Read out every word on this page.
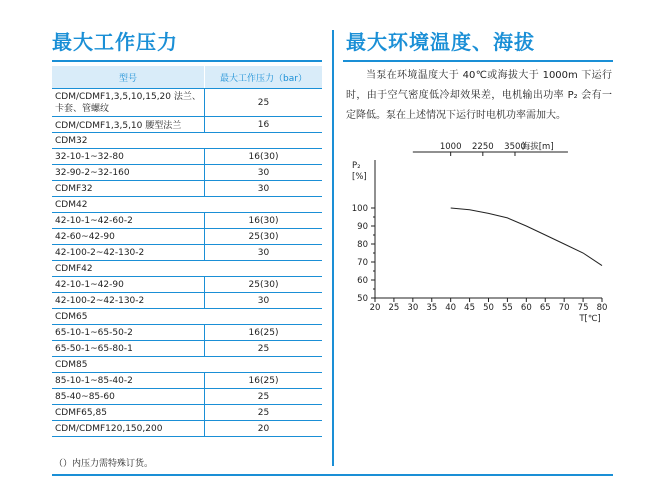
最大工作压力	最大环境温度、海拔
型号	最大工作压力（bar）
CDM/CDMF1,3,5,10,15,20 法兰、
卡套、管螺纹	25
CDM/CDMF1,3,5,10 腰型法兰	16
CDM32	
32-10-1~32-80	16(30)
32-90-2~32-160	30
CDMF32	30
CDM42	
42-10-1~42-60-2	16(30)
42-60~42-90	25(30)
42-100-2~42-130-2	30
CDMF42	
42-10-1~42-90	25(30)
42-100-2~42-130-2	30
CDM65	
65-10-1~65-50-2	16(25)
65-50-1~65-80-1	25
CDM85	
85-10-1~85-40-2	16(25)
85-40~85-60	25
CDMF65,85	25
CDM/CDMF120,150,200	20
（）内压力需特殊订货。
当泵在环境温度大于 40℃或海拔大于 1000m 下运行时，由于空气密度低冷却效果差，电机输出功率 P₂ 会有一定降低。泵在上述情况下运行时电机功率需加大。
P₂
[%]
50
60
70
80
90
100
20 25 30 35 40 45 50 55 60 65 70 75 80
T[℃]
1000 2250 3500
海拔[m]
